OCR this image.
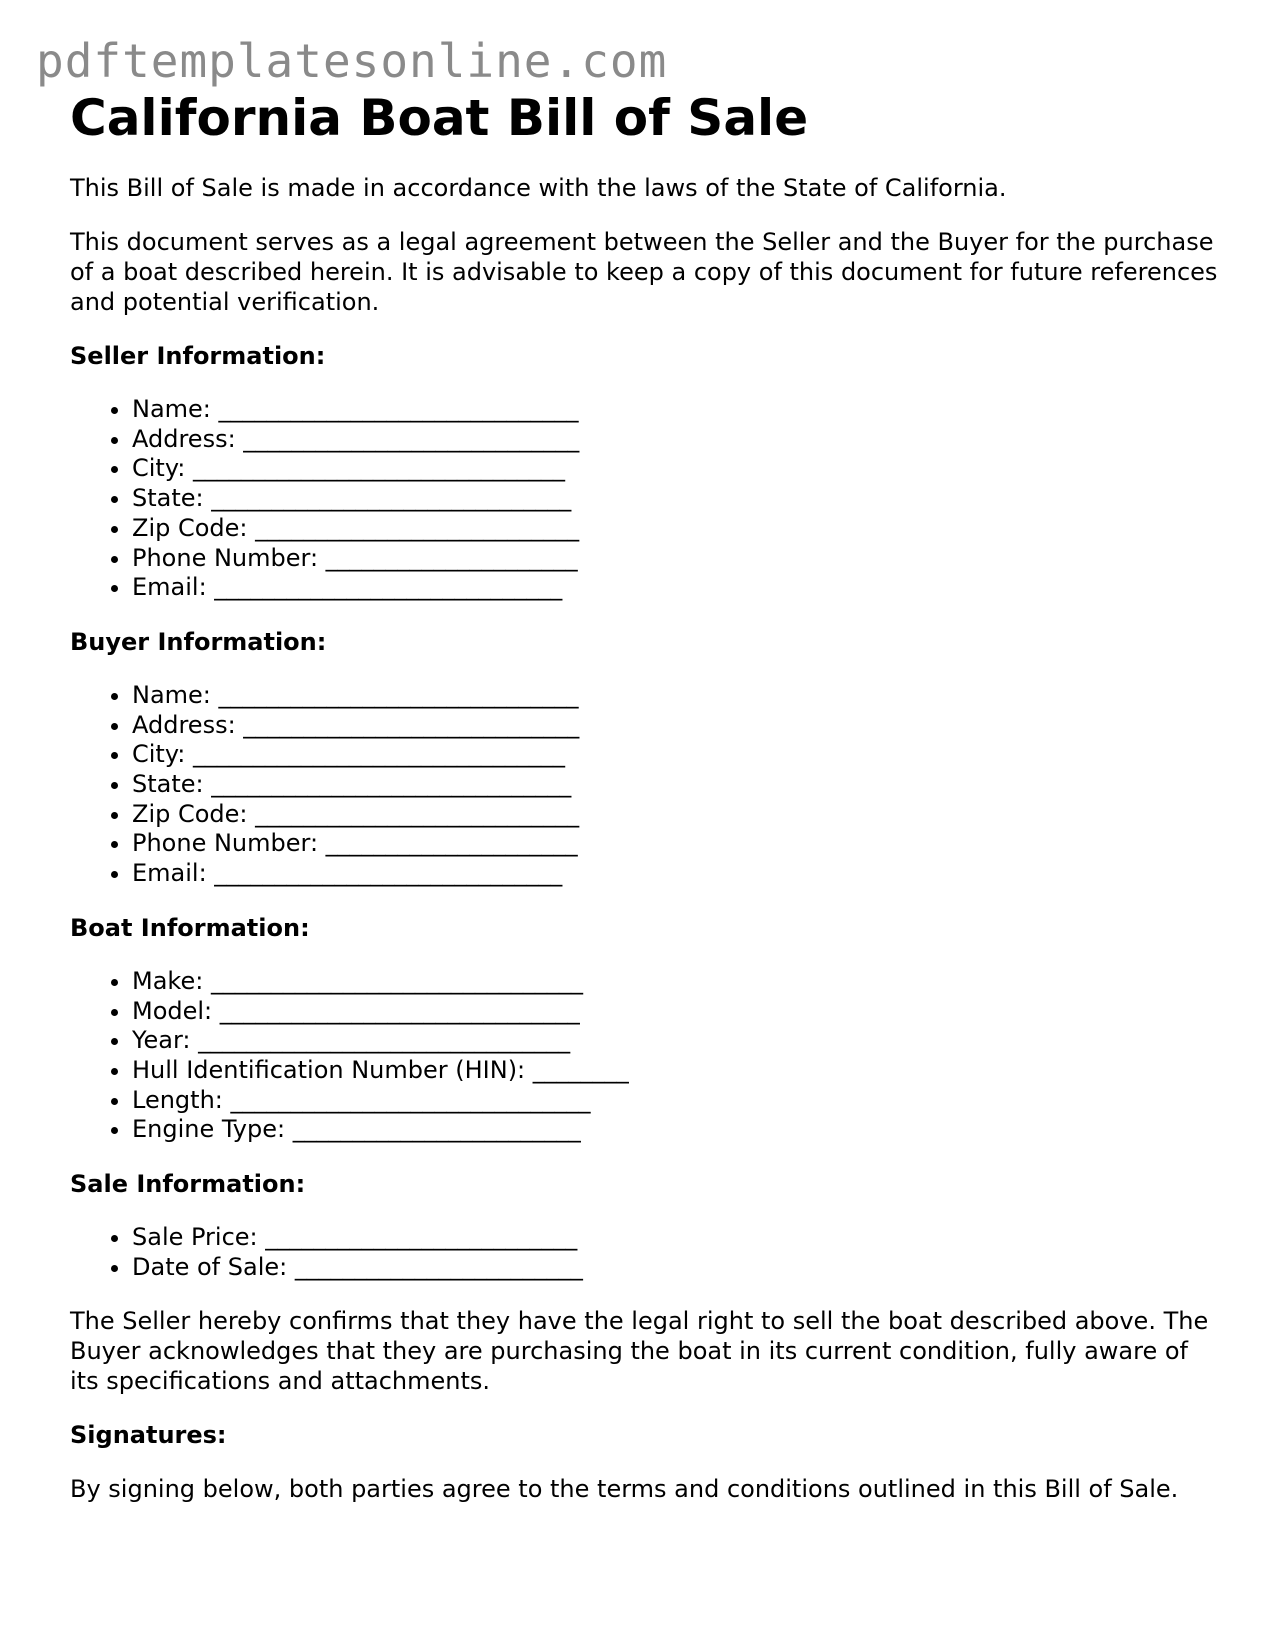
pdftemplatesonline.com
California Boat Bill of Sale

This Bill of Sale is made in accordance with the laws of the State of California.

This document serves as a legal agreement between the Seller and the Buyer for the purchase of a boat described herein. It is advisable to keep a copy of this document for future references and potential verification.

Seller Information:
• Name: ______________________________
• Address: ____________________________
• City: _______________________________
• State: ______________________________
• Zip Code: ___________________________
• Phone Number: _____________________
• Email: _____________________________
Buyer Information:
• Name: ______________________________
• Address: ____________________________
• City: _______________________________
• State: ______________________________
• Zip Code: ___________________________
• Phone Number: _____________________
• Email: _____________________________
Boat Information:
• Make: _______________________________
• Model: ______________________________
• Year: _______________________________
• Hull Identification Number (HIN): ________
• Length: ______________________________
• Engine Type: ________________________
Sale Information:
• Sale Price: __________________________
• Date of Sale: ________________________

The Seller hereby confirms that they have the legal right to sell the boat described above. The Buyer acknowledges that they are purchasing the boat in its current condition, fully aware of its specifications and attachments.

Signatures:

By signing below, both parties agree to the terms and conditions outlined in this Bill of Sale.
